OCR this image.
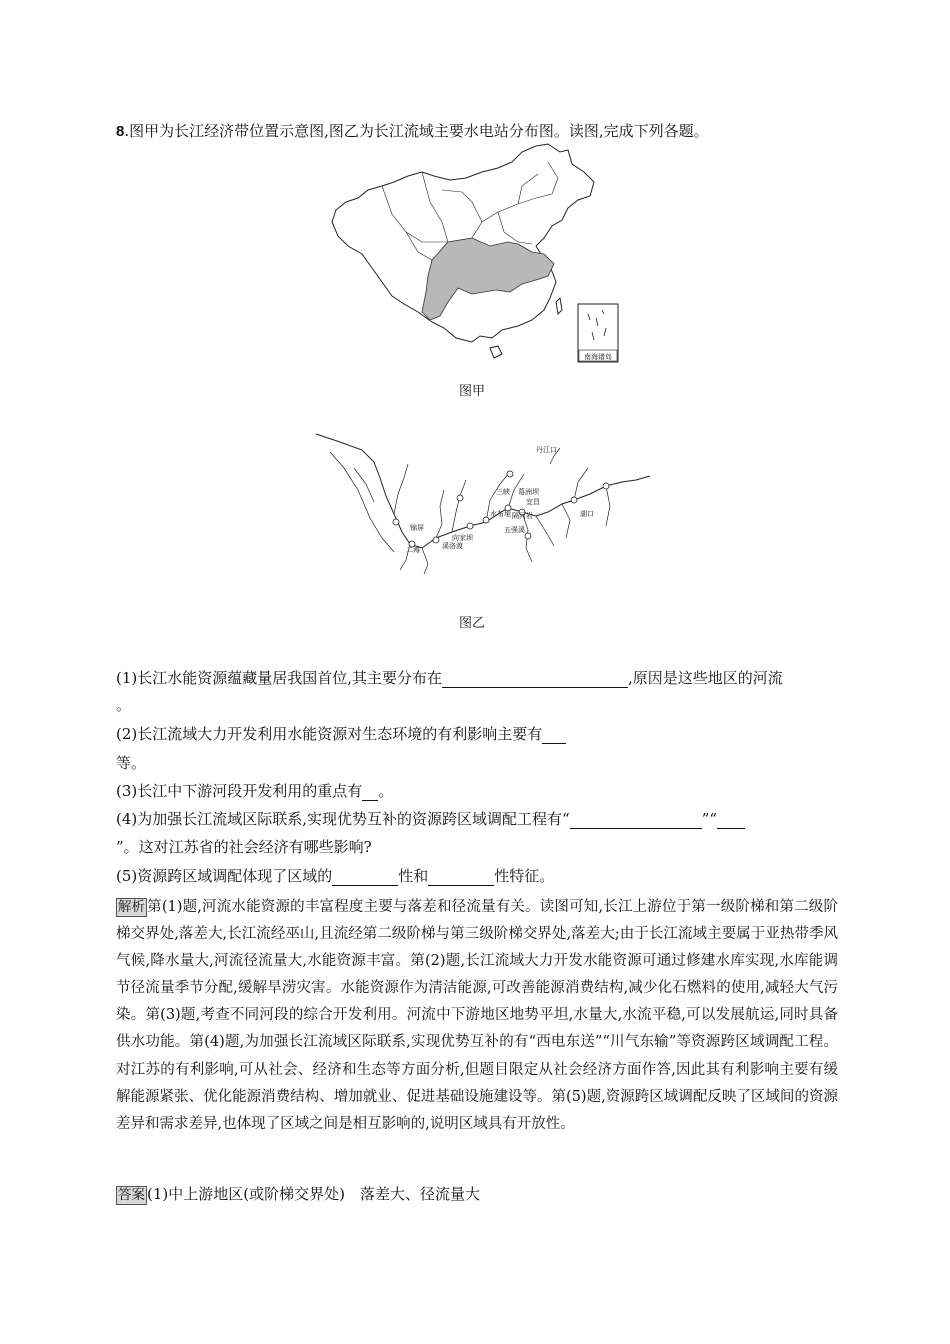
8.图甲为长江经济带位置示意图,图乙为长江流域主要水电站分布图。读图,完成下列各题。
南海诸岛
图甲
丹江口
三峡 葛洲坝
宜昌
水布垭 隔河岩
五强溪
湖口
锦屏
二滩
向家坝
溪洛渡
图乙
(1)长江水能资源蕴藏量居我国首位,其主要分布在	,原因是这些地区的河流
。
(2)长江流域大力开发利用水能资源对生态环境的有利影响主要有
等。
(3)长江中下游河段开发利用的重点有 。
(4)为加强长江流域区际联系,实现优势互补的资源跨区域调配工程有“	”“
”。这对江苏省的社会经济有哪些影响?
(5)资源跨区域调配体现了区域的	性和	性特征。
解析 第(1)题,河流水能资源的丰富程度主要与落差和径流量有关。读图可知,长江上游位于第一级阶梯和第二级阶梯交界处,落差大,长江流经巫山,且流经第二级阶梯与第三级阶梯交界处,落差大;由于长江流域主要属于亚热带季风气候,降水量大,河流径流量大,水能资源丰富。第(2)题,长江流域大力开发水能资源可通过修建水库实现,水库能调节径流量季节分配,缓解旱涝灾害。水能资源作为清洁能源,可改善能源消费结构,减少化石燃料的使用,减轻大气污染。第(3)题,考查不同河段的综合开发利用。河流中下游地区地势平坦,水量大,水流平稳,可以发展航运,同时具备供水功能。第(4)题,为加强长江流域区际联系,实现优势互补的有“西电东送”“川气东输”等资源跨区域调配工程。对江苏的有利影响,可从社会、经济和生态等方面分析,但题目限定从社会经济方面作答,因此其有利影响主要有缓解能源紧张、优化能源消费结构、增加就业、促进基础设施建设等。第(5)题,资源跨区域调配反映了区域间的资源差异和需求差异,也体现了区域之间是相互影响的,说明区域具有开放性。
答案 (1)中上游地区(或阶梯交界处)　落差大、径流量大
